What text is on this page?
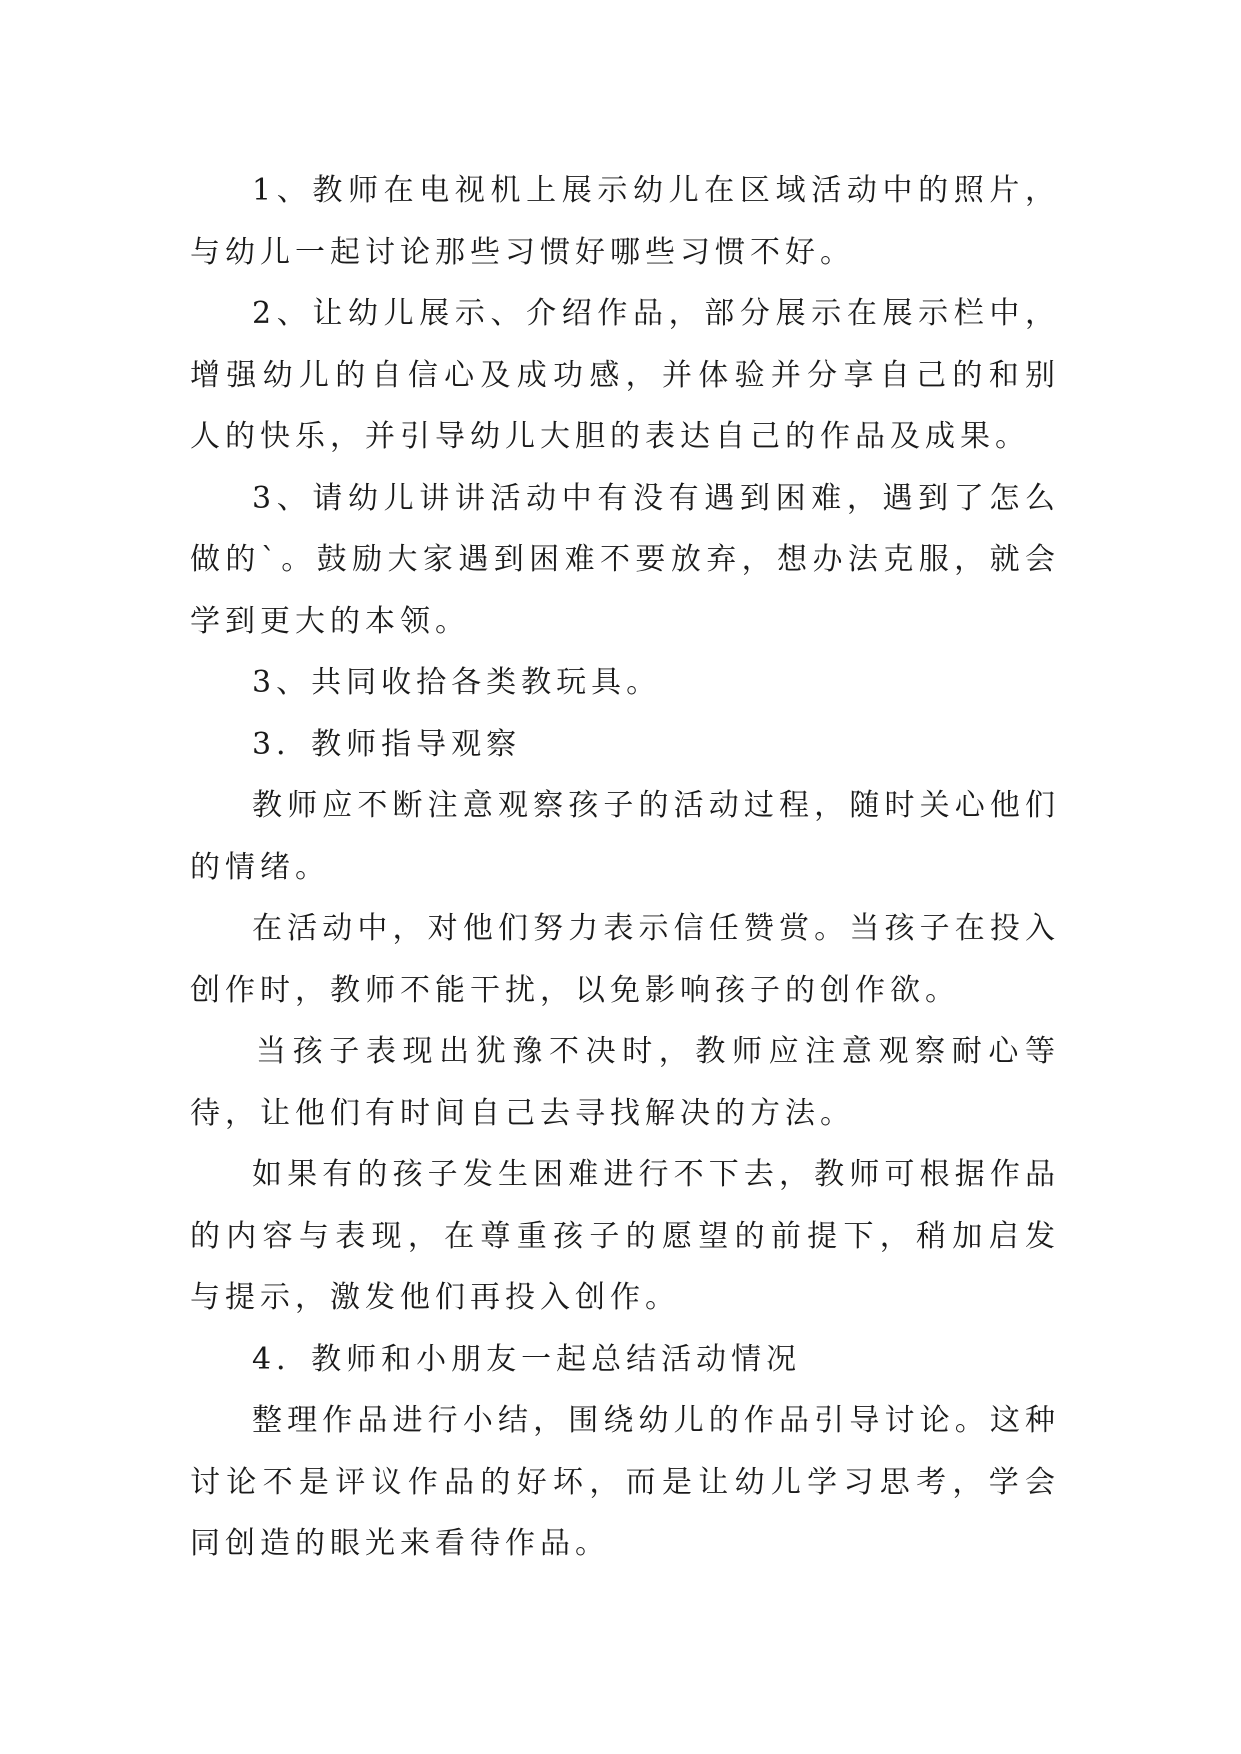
1、教师在电视机上展示幼儿在区域活动中的照片，与幼儿一起讨论那些习惯好哪些习惯不好。

2、让幼儿展示、介绍作品，部分展示在展示栏中，增强幼儿的自信心及成功感，并体验并分享自己的和别人的快乐，并引导幼儿大胆的表达自己的作品及成果。

3、请幼儿讲讲活动中有没有遇到困难，遇到了怎么做的`。鼓励大家遇到困难不要放弃，想办法克服，就会学到更大的本领。

3、共同收拾各类教玩具。

3．教师指导观察

教师应不断注意观察孩子的活动过程，随时关心他们的情绪。

在活动中，对他们努力表示信任赞赏。当孩子在投入创作时，教师不能干扰，以免影响孩子的创作欲。

当孩子表现出犹豫不决时，教师应注意观察耐心等待，让他们有时间自己去寻找解决的方法。

如果有的孩子发生困难进行不下去，教师可根据作品的内容与表现，在尊重孩子的愿望的前提下，稍加启发与提示，激发他们再投入创作。

4．教师和小朋友一起总结活动情况

整理作品进行小结，围绕幼儿的作品引导讨论。这种讨论不是评议作品的好坏，而是让幼儿学习思考，学会同创造的眼光来看待作品。
